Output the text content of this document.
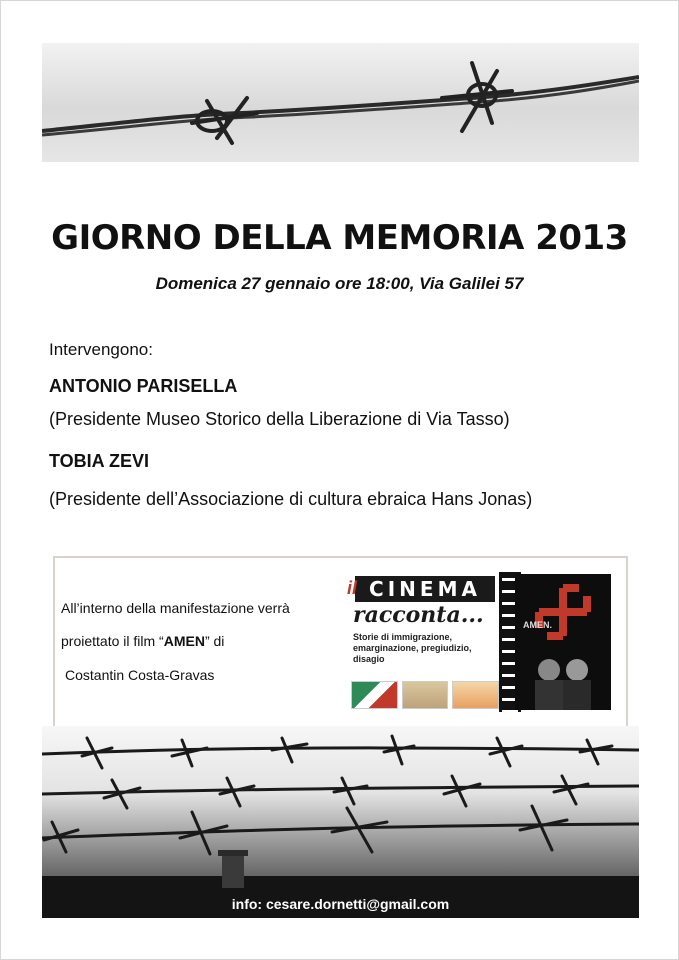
GIORNO DELLA MEMORIA 2013
Domenica 27 gennaio ore 18:00, Via Galilei 57
Intervengono:
ANTONIO PARISELLA
(Presidente Museo Storico della Liberazione di Via Tasso)
TOBIA ZEVI
(Presidente dell’Associazione di cultura ebraica Hans Jonas)
All’interno della manifestazione verrà
proiettato il film “AMEN” di
Costantin Costa-Gravas
CINEMA
il
racconta...
Storie di immigrazione, emarginazione, pregiudizio, disagio
AMEN.
info: cesare.dornetti@gmail.com
